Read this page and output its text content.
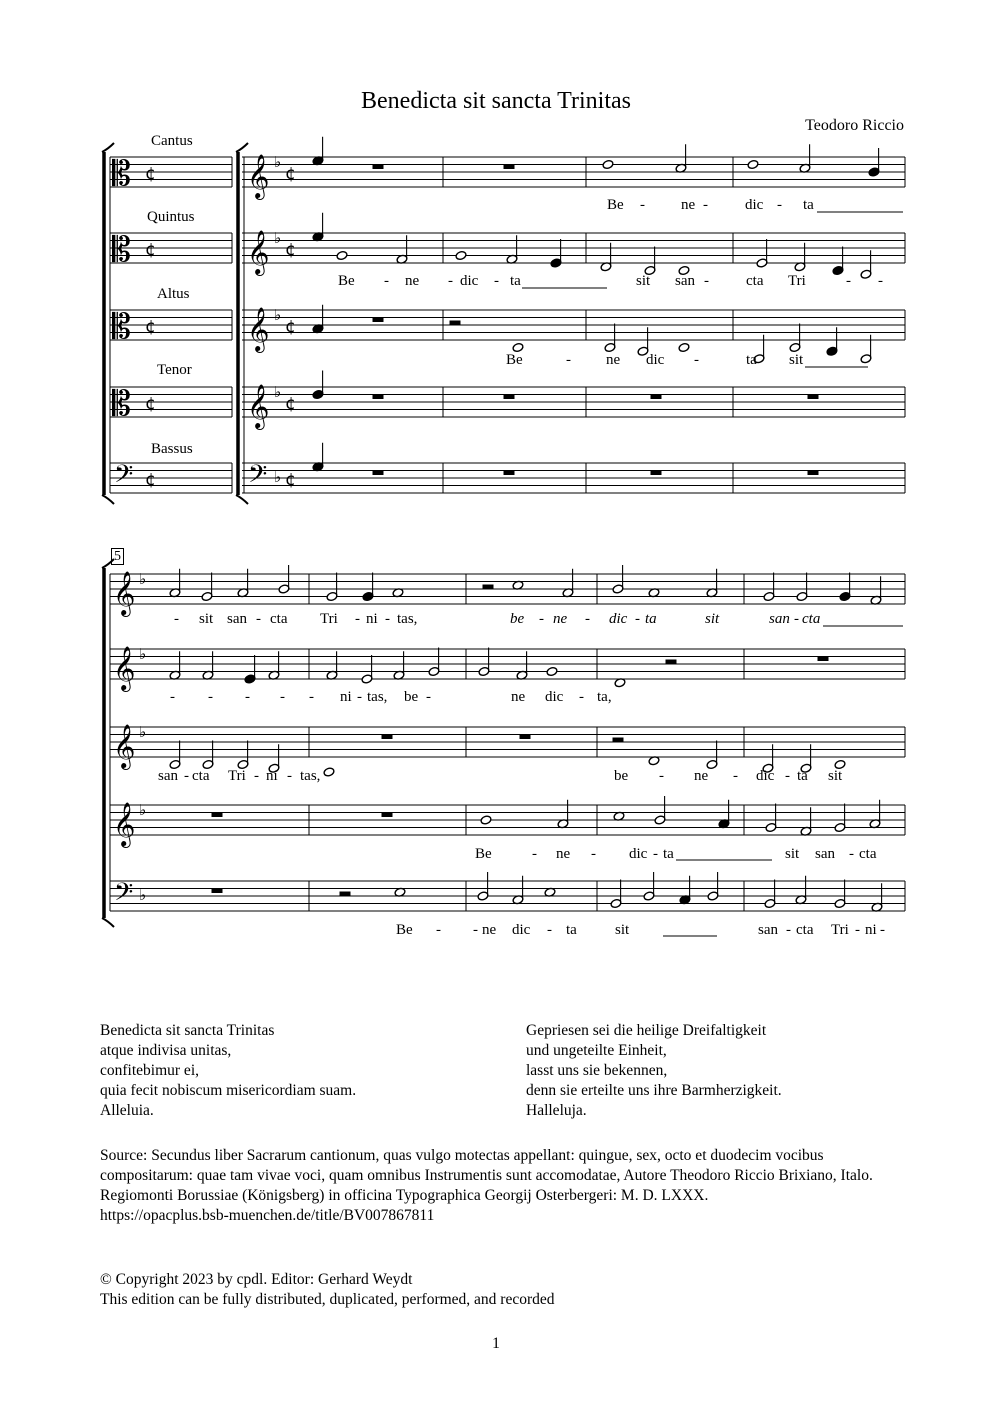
Benedicta sit sancta Trinitas
Teodoro Riccio
Cantus
Quintus
Altus
Tenor
Bassus
5
𝄡 ¢
𝄡 ¢
𝄡 ¢
𝄡 ¢
𝄢 ¢
𝄞 ♭
¢
𝄞 ♭
¢
𝄞 ♭
¢
𝄞 ♭
¢
𝄢 ♭ ¢
𝄞 ♭
𝄞 ♭
𝄞 ♭
𝄞 ♭
𝄢 ♭
Be - ne - dic - ta
Be - ne - dic - ta	sit san - cta Tri	- -
Be	- ne dic -	ta sit
- sit san - cta Tri - ni - tas,	be - ne - dic - ta	sit	san - cta
- - - - - ni - tas, be -	ne dic - ta,
san - cta Tri - ni - tas,	be - ne - dic - ta sit
Be	- ne - dic - ta	sit san - cta
Be - - ne dic - ta	sit	san - cta Tri - ni -
Benedicta sit sancta Trinitas
atque indivisa unitas,
confitebimur ei,
quia fecit nobiscum misericordiam suam.
Alleluia.
Gepriesen sei die heilige Dreifaltigkeit
und ungeteilte Einheit,
lasst uns sie bekennen,
denn sie erteilte uns ihre Barmherzigkeit.
Halleluja.
Source: Secundus liber Sacrarum cantionum, quas vulgo motectas appellant: quingue, sex, octo et duodecim vocibus compositarum: quae tam vivae voci, quam omnibus Instrumentis sunt accomodatae, Autore Theodoro Riccio Brixiano, Italo. Regiomonti Borussiae (Königsberg) in officina Typographica Georgij Osterbergeri: M. D. LXXX.
https://opacplus.bsb-muenchen.de/title/BV007867811
© Copyright 2023 by cpdl. Editor: Gerhard Weydt
This edition can be fully distributed, duplicated, performed, and recorded
1
